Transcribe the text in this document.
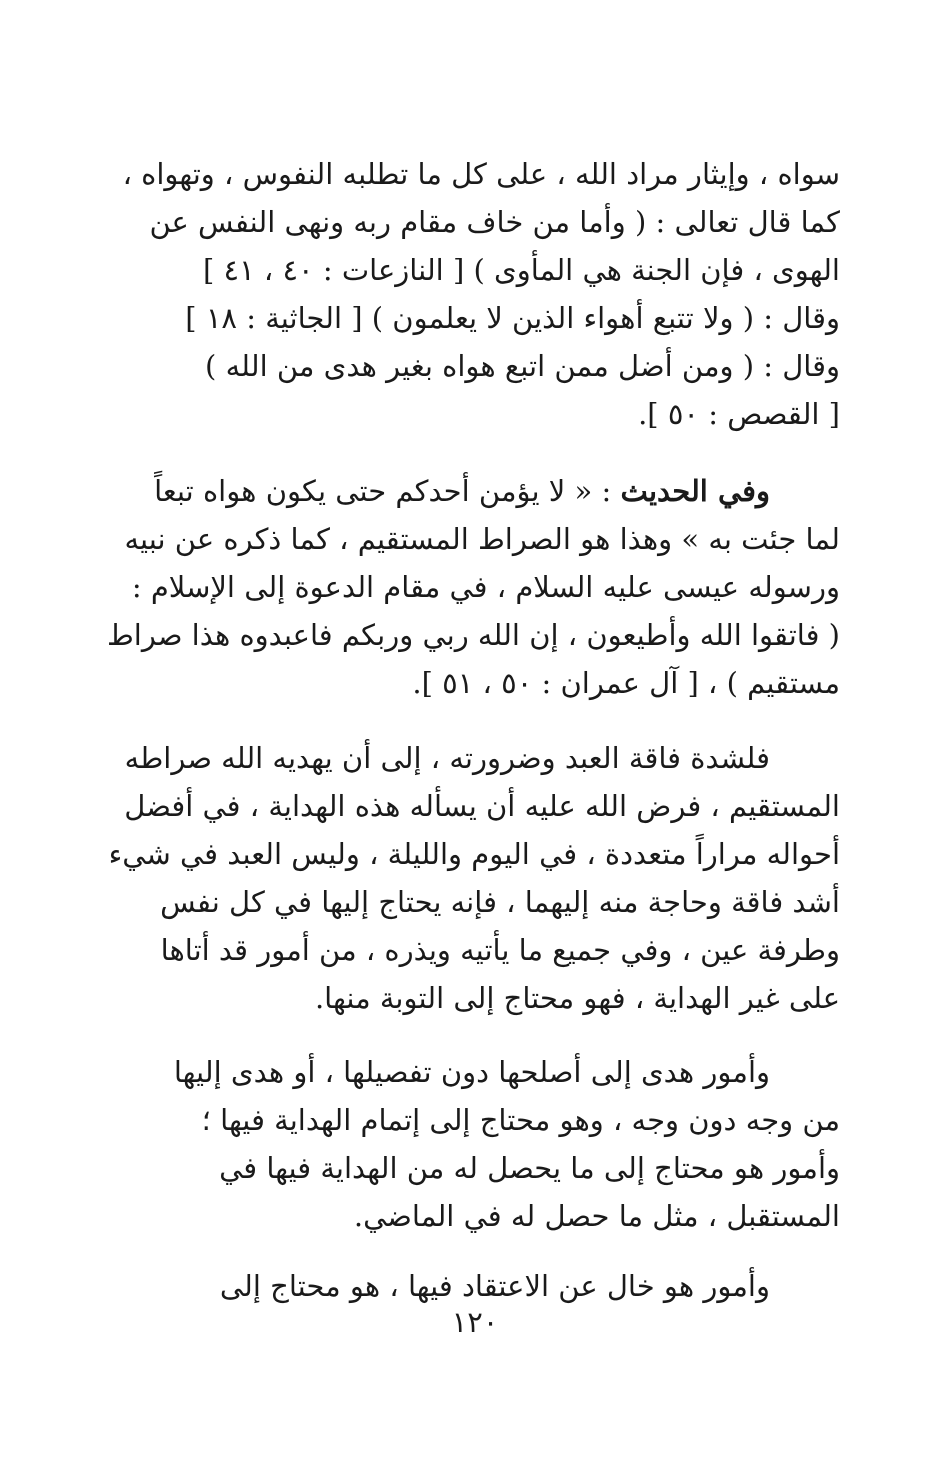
سواه ، وإيثار مراد الله ، على كل ما تطلبه النفوس ، وتهواه ،
كما قال تعالى : ( وأما من خاف مقام ربه ونهى النفس عن
الهوى ، فإن الجنة هي المأوى ) [ النازعات : ٤٠ ، ٤١ ]
وقال : ( ولا تتبع أهواء الذين لا يعلمون ) [ الجاثية : ١٨ ]
وقال : ( ومن أضل ممن اتبع هواه بغير هدى من الله )
[ القصص : ٥٠ ].
وفي الحديث : « لا يؤمن أحدكم حتى يكون هواه تبعاً
لما جئت به » وهذا هو الصراط المستقيم ، كما ذكره عن نبيه
ورسوله عيسى عليه السلام ، في مقام الدعوة إلى الإسلام :
( فاتقوا الله وأطيعون ، إن الله ربي وربكم فاعبدوه هذا صراط
مستقيم ) ، [ آل عمران : ٥٠ ، ٥١ ].
فلشدة فاقة العبد وضرورته ، إلى أن يهديه الله صراطه
المستقيم ، فرض الله عليه أن يسأله هذه الهداية ، في أفضل
أحواله مراراً متعددة ، في اليوم والليلة ، وليس العبد في شيء
أشد فاقة وحاجة منه إليهما ، فإنه يحتاج إليها في كل نفس
وطرفة عين ، وفي جميع ما يأتيه ويذره ، من أمور قد أتاها
على غير الهداية ، فهو محتاج إلى التوبة منها.
وأمور هدى إلى أصلحها دون تفصيلها ، أو هدى إليها
من وجه دون وجه ، وهو محتاج إلى إتمام الهداية فيها ؛
وأمور هو محتاج إلى ما يحصل له من الهداية فيها في
المستقبل ، مثل ما حصل له في الماضي.
وأمور هو خال عن الاعتقاد فيها ، هو محتاج إلى
١٢٠
